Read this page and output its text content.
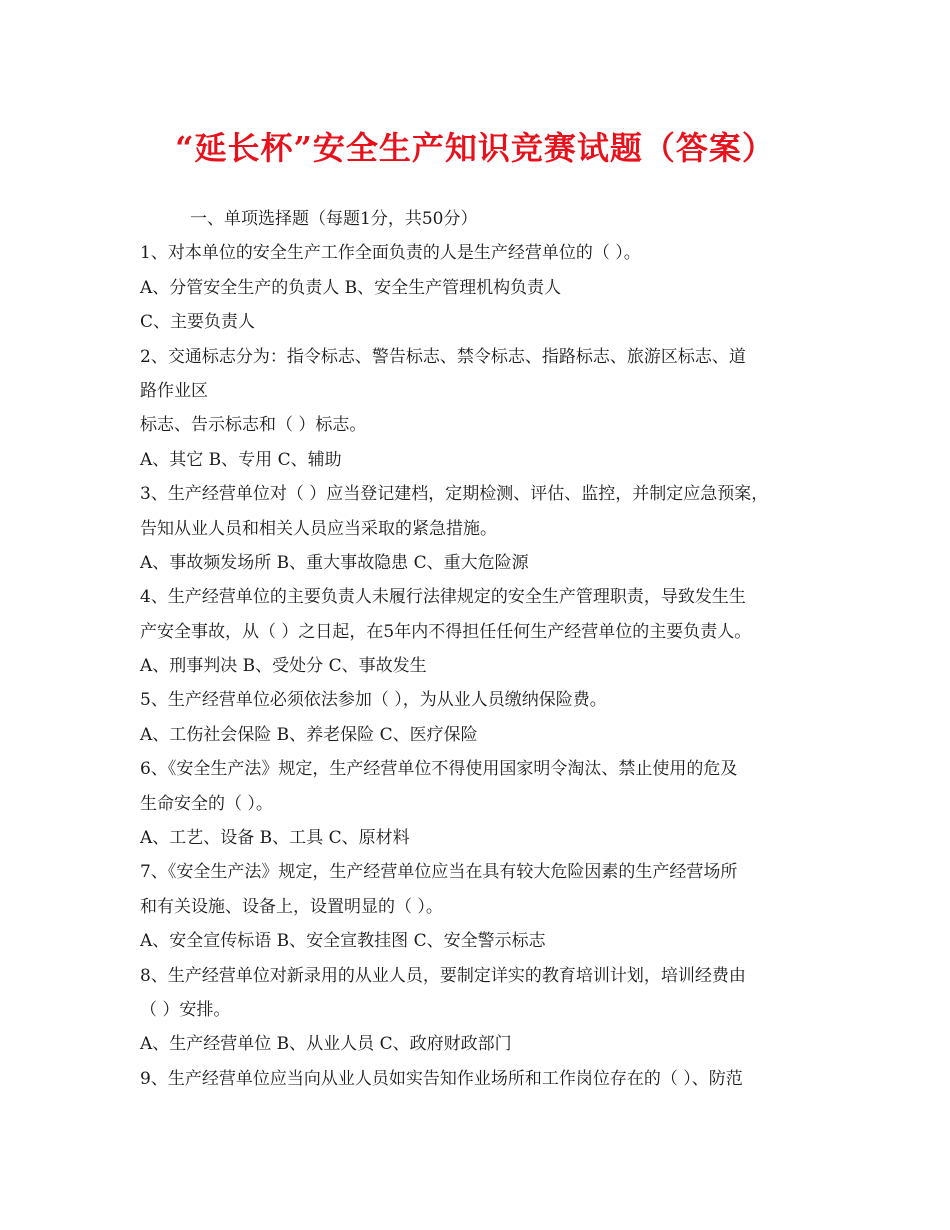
“延长杯”安全生产知识竞赛试题（答案）
一、单项选择题（每题1分，共50分）
1、对本单位的安全生产工作全面负责的人是生产经营单位的（ ）。
A、分管安全生产的负责人 B、安全生产管理机构负责人
C、主要负责人
2、交通标志分为：指令标志、警告标志、禁令标志、指路标志、旅游区标志、道
路作业区
标志、告示标志和（ ）标志。
A、其它 B、专用 C、辅助
3、生产经营单位对（ ）应当登记建档，定期检测、评估、监控，并制定应急预案，
告知从业人员和相关人员应当采取的紧急措施。
A、事故频发场所 B、重大事故隐患 C、重大危险源
4、生产经营单位的主要负责人未履行法律规定的安全生产管理职责，导致发生生
产安全事故，从（ ）之日起，在5年内不得担任任何生产经营单位的主要负责人。
A、刑事判决 B、受处分 C、事故发生
5、生产经营单位必须依法参加（ ），为从业人员缴纳保险费。
A、工伤社会保险 B、养老保险 C、医疗保险
6、《安全生产法》规定，生产经营单位不得使用国家明令淘汰、禁止使用的危及
生命安全的（ ）。
A、工艺、设备 B、工具 C、原材料
7、《安全生产法》规定，生产经营单位应当在具有较大危险因素的生产经营场所
和有关设施、设备上，设置明显的（ ）。
A、安全宣传标语 B、安全宣教挂图 C、安全警示标志
8、生产经营单位对新录用的从业人员，要制定详实的教育培训计划，培训经费由
（ ）安排。
A、生产经营单位 B、从业人员 C、政府财政部门
9、生产经营单位应当向从业人员如实告知作业场所和工作岗位存在的（ ）、防范
